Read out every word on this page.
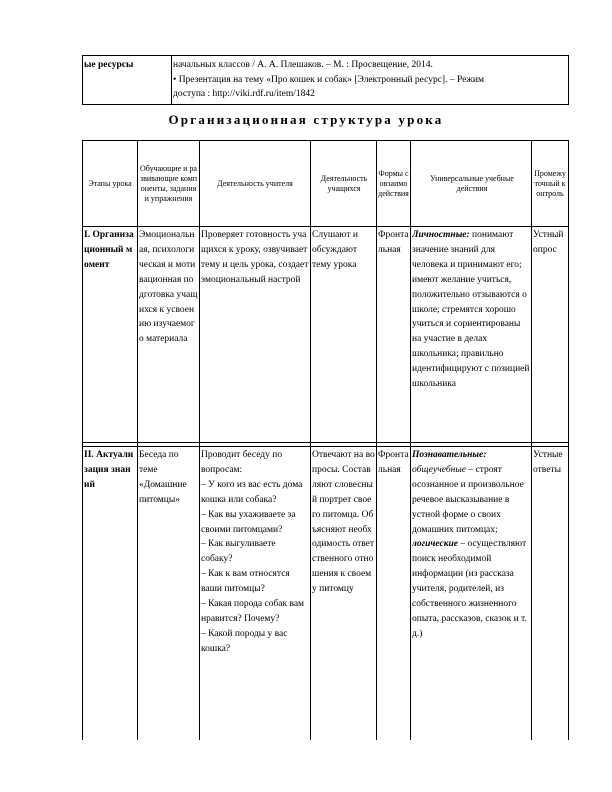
ые ресурсы	начальных классов / А. А. Плешаков. – М. : Просвещение, 2014.
• Презентация на тему «Про кошек и собак» [Электронный ресурс]. – Режим
доступа : http://viki.rdf.ru/item/1842
Организационная структура урока
Этапы урока
Обучающие и развивающие компоненты, задания и упражнения
Деятельность учителя
Деятельность учащихся
Формы совзаимодействия
Универсальные учебные действия
Промежуточный контроль
I. Организационный момент
Эмоциональная, психологическая и мотивационная подготовка учащихся к усвоению изучаемого материала
Проверяет готовность учащихся к уроку, озвучивает тему и цель урока, создает эмоциональный настрой
Слушают и обсуждают тему урока
Фронтальная
Личностные: понимают значение знаний для человека и принимают его; имеют желание учиться, положительно отзываются о школе; стремятся хорошо учиться и сориентированы на участие в делах школьника; правильно идентифицируют с позицией школьника
Устный опрос
II. Актуализация знаний
Беседа по теме «Домашние питомцы»
Проводит беседу по вопросам:
– У кого из вас есть дома кошка или собака?
– Как вы ухаживаете за своими питомцами?
– Как выгуливаете собаку?
– Как к вам относятся ваши питомцы?
– Какая порода собак вам нравится? Почему?
– Какой породы у вас кошка?
Отвечают на вопросы. Составляют словесный портрет своего питомца. Объясняют необходимость ответственного отношения к своему питомцу
Фронтальная
Познавательные: общеучебные – строят осознанное и произвольное речевое высказывание в устной форме о своих домашних питомцах; логические – осуществляют поиск необходимой информации (из рассказа учителя, родителей, из собственного жизненного опыта, рассказов, сказок и т. д.)
Устные ответы
